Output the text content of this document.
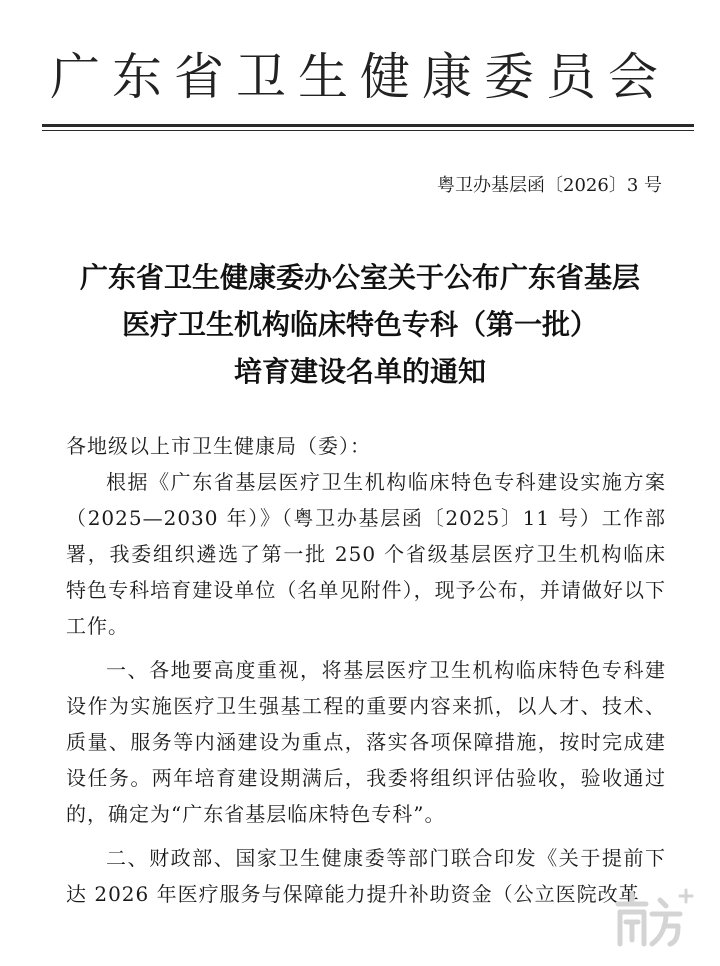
广东省卫生健康委员会
粤卫办基层函〔2026〕3 号
广东省卫生健康委办公室关于公布广东省基层
医疗卫生机构临床特色专科（第一批）
培育建设名单的通知

各地级以上市卫生健康局（委）：

根据《广东省基层医疗卫生机构临床特色专科建设实施方案（2025—2030 年）》（粤卫办基层函〔2025〕11 号）工作部署，我委组织遴选了第一批 250 个省级基层医疗卫生机构临床特色专科培育建设单位（名单见附件），现予公布，并请做好以下工作。

一、各地要高度重视，将基层医疗卫生机构临床特色专科建设作为实施医疗卫生强基工程的重要内容来抓，以人才、技术、质量、服务等内涵建设为重点，落实各项保障措施，按时完成建设任务。两年培育建设期满后，我委将组织评估验收，验收通过的，确定为“广东省基层临床特色专科”。

二、财政部、国家卫生健康委等部门联合印发《关于提前下达 2026 年医疗服务与保障能力提升补助资金（公立医院改革
